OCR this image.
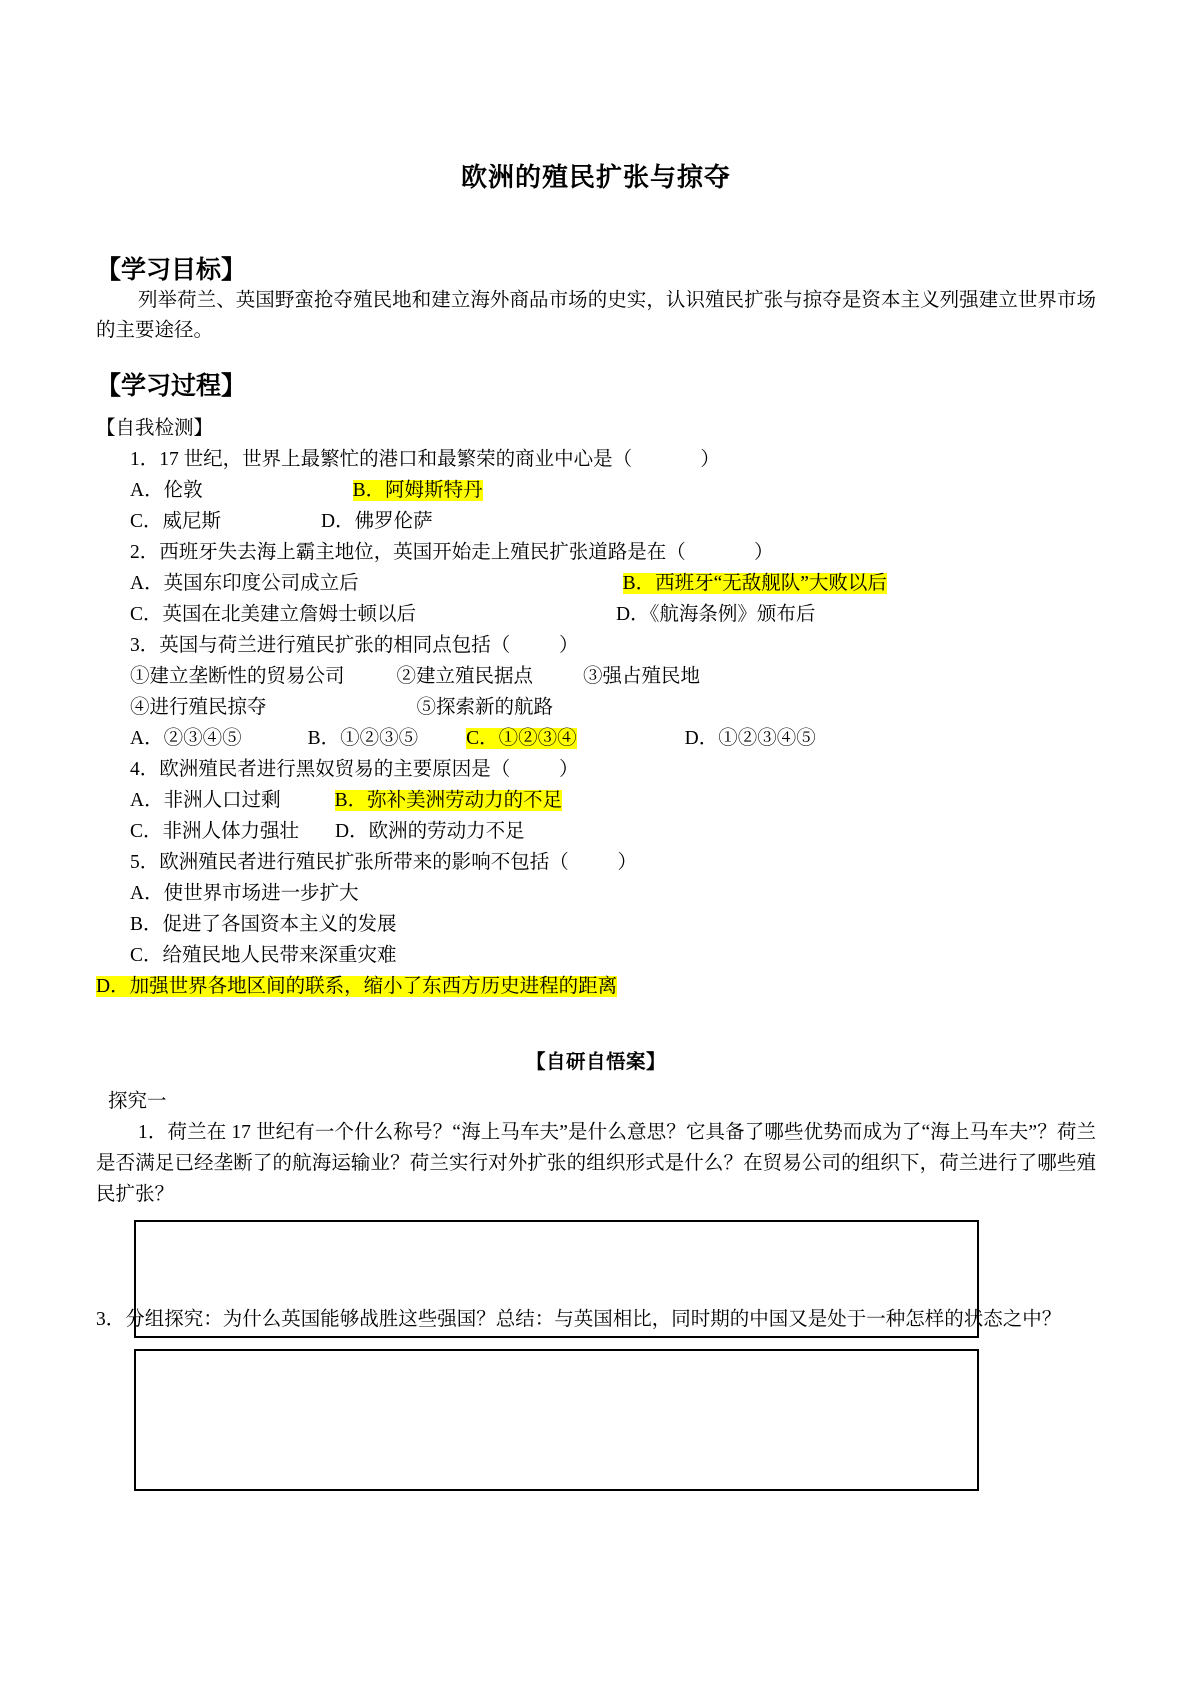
欧洲的殖民扩张与掠夺
【学习目标】

列举荷兰、英国野蛮抢夺殖民地和建立海外商品市场的史实，认识殖民扩张与掠夺是资本主义列强建立世界市场的主要途径。

【学习过程】

【自我检测】

1．17 世纪，世界上最繁忙的港口和最繁荣的商业中心是（              ）

A．伦敦	B．阿姆斯特丹

C．威尼斯	D．佛罗伦萨

2．西班牙失去海上霸主地位，英国开始走上殖民扩张道路是在（              ）

A．英国东印度公司成立后	B．西班牙“无敌舰队”大败以后

C．英国在北美建立詹姆士顿以后	D．《航海条例》颁布后

3．英国与荷兰进行殖民扩张的相同点包括（          ）

①建立垄断性的贸易公司	②建立殖民据点	③强占殖民地

④进行殖民掠夺	⑤探索新的航路

A．②③④⑤	B．①②③⑤ C．①②③④	D．①②③④⑤

4．欧洲殖民者进行黑奴贸易的主要原因是（          ）

A．非洲人口过剩	B．弥补美洲劳动力的不足

C．非洲人体力强壮 D．欧洲的劳动力不足

5．欧洲殖民者进行殖民扩张所带来的影响不包括（          ）

A．使世界市场进一步扩大

B．促进了各国资本主义的发展

C．给殖民地人民带来深重灾难

D．加强世界各地区间的联系，缩小了东西方历史进程的距离

【自研自悟案】

探究一

1．荷兰在 17 世纪有一个什么称号？“海上马车夫”是什么意思？它具备了哪些优势而成为了“海上马车夫”？荷兰是否满足已经垄断了的航海运输业？荷兰实行对外扩张的组织形式是什么？在贸易公司的组织下，荷兰进行了哪些殖民扩张？

3．分组探究：为什么英国能够战胜这些强国？总结：与英国相比，同时期的中国又是处于一种怎样的状态之中？
